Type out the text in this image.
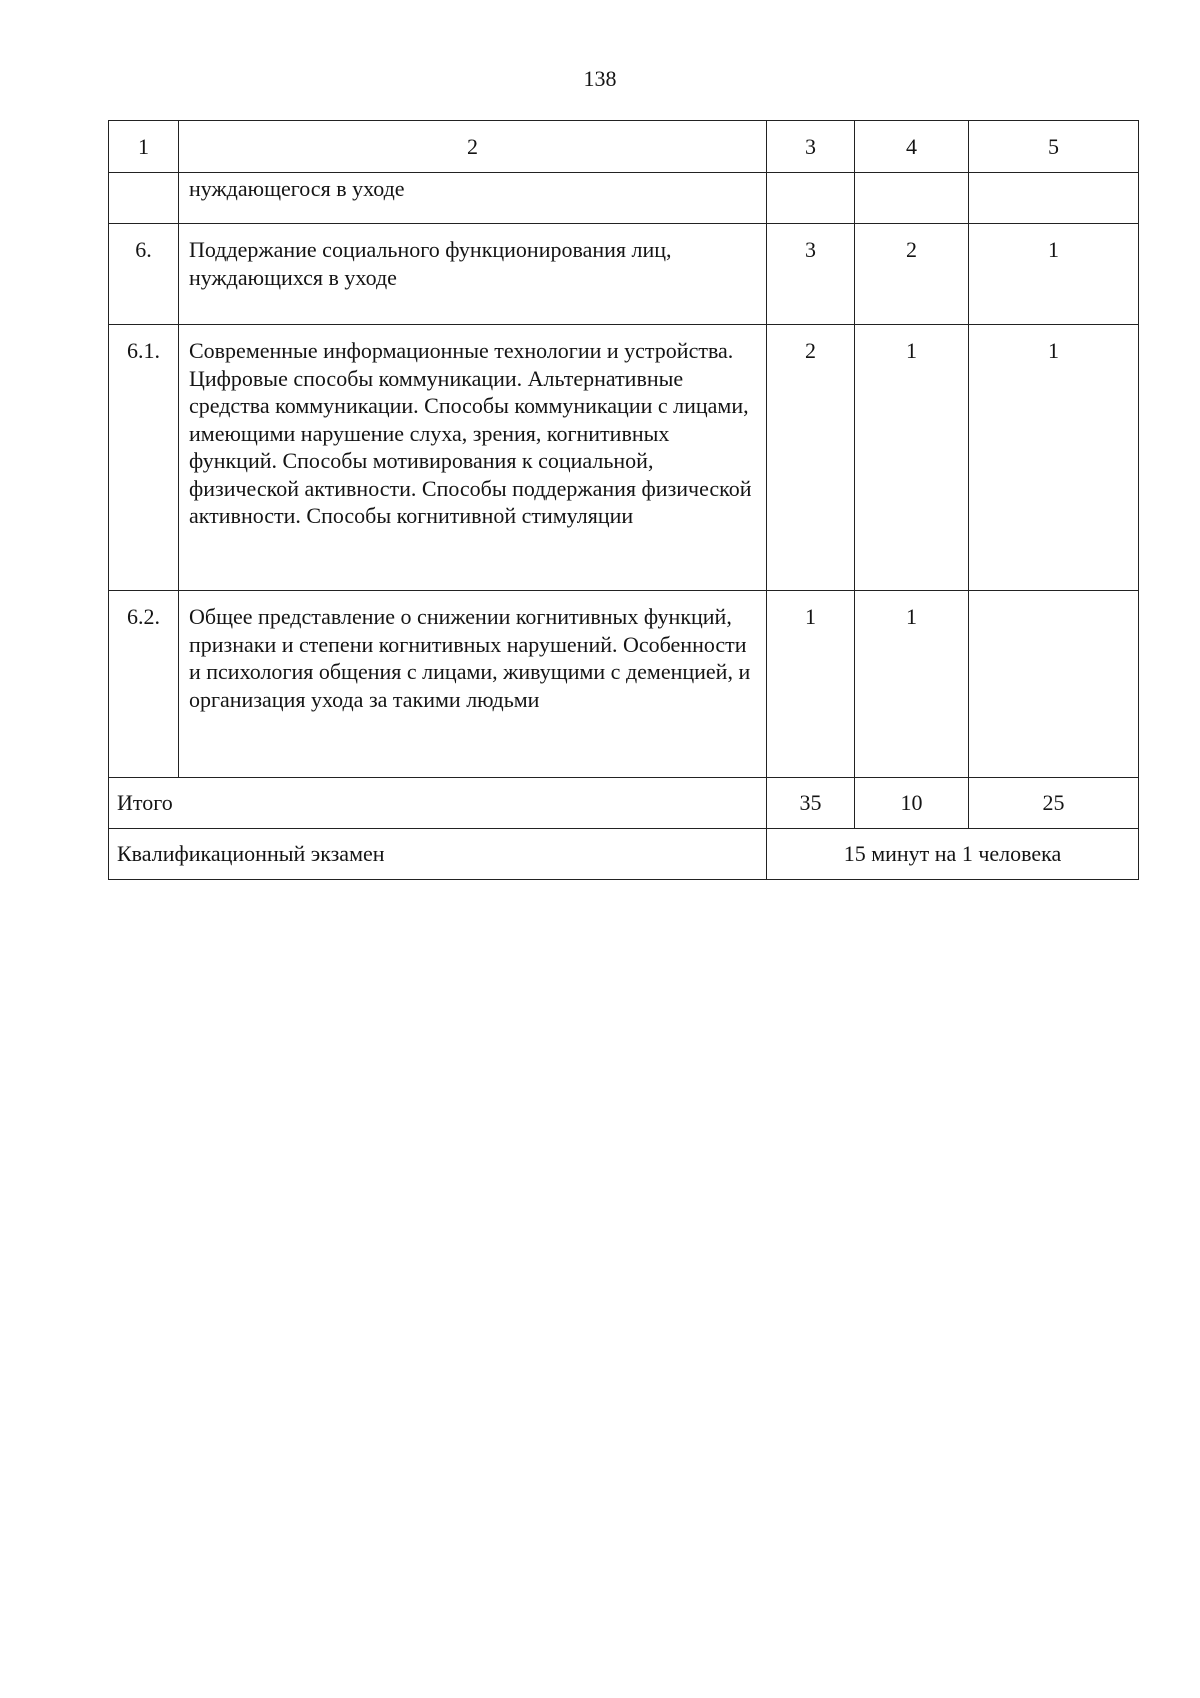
138
1	2	3	4	5
	нуждающегося в уходе			
6.	Поддержание социального функционирования лиц, нуждающихся в уходе	3	2	1
6.1.	Современные информационные технологии и устройства. Цифровые способы коммуникации. Альтернативные средства коммуникации. Способы коммуникации с лицами, имеющими нарушение слуха, зрения, когнитивных функций. Способы мотивирования к социальной, физической активности. Способы поддержания физической активности. Способы когнитивной стимуляции	2	1	1
6.2.	Общее представление о снижении когнитивных функций, признаки и степени когнитивных нарушений. Особенности и психология общения с лицами, живущими с деменцией, и организация ухода за такими людьми	1	1	
Итого		35	10	25
Квалификационный экзамен		15 минут на 1 человека		
